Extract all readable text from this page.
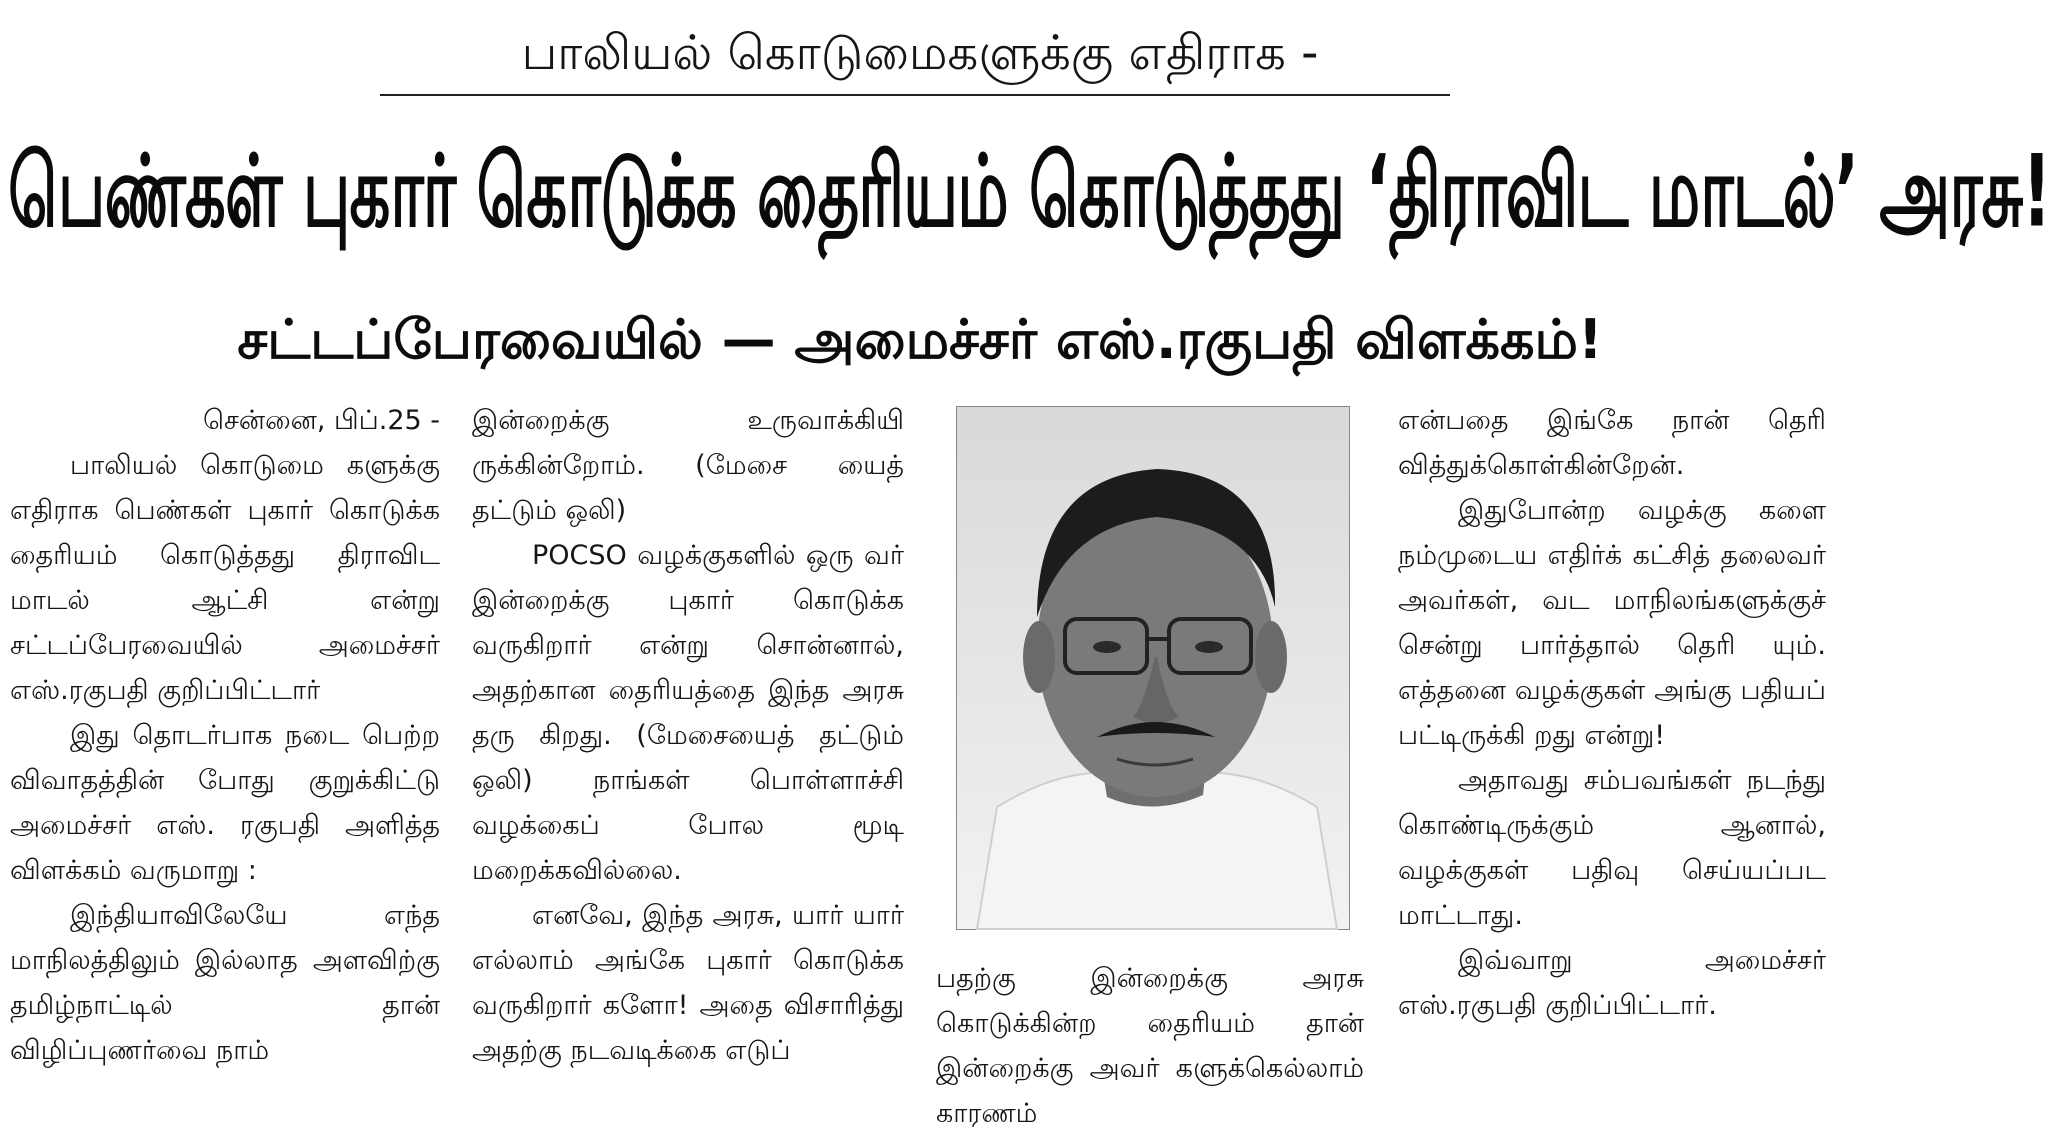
பாலியல் கொடுமைகளுக்கு எதிராக -
பெண்கள் புகார் கொடுக்க தைரியம் கொடுத்தது ‘திராவிட மாடல்’ அரசு!
சட்டப்பேரவையில் — அமைச்சர் எஸ்.ரகுபதி விளக்கம்!

சென்னை, பிப்.25 -

பாலியல் கொடுமை களுக்கு எதிராக பெண்கள் புகார் கொடுக்க தைரியம் கொடுத்தது திராவிட மாடல் ஆட்சி என்று சட்டப்பேரவையில் அமைச்சர் எஸ்.ரகுபதி குறிப்பிட்டார்

இது தொடர்பாக நடை பெற்ற விவாதத்தின் போது குறுக்கிட்டு அமைச்சர் எஸ். ரகுபதி அளித்த விளக்கம் வருமாறு :

இந்தியாவிலேயே எந்த மாநிலத்திலும் இல்லாத அளவிற்கு தமிழ்நாட்டில் தான் விழிப்புணர்வை நாம்

இன்றைக்கு உருவாக்கியி ருக்கின்றோம். (மேசை யைத் தட்டும் ஒலி)

POCSO வழக்குகளில் ஒரு வர் இன்றைக்கு புகார் கொடுக்க வருகிறார் என்று சொன்னால், அதற்கான தைரியத்தை இந்த அரசு தரு கிறது. (மேசையைத் தட்டும் ஒலி) நாங்கள் பொள்ளாச்சி வழக்கைப் போல மூடி மறைக்கவில்லை.

எனவே, இந்த அரசு, யார் யார் எல்லாம் அங்கே புகார் கொடுக்க வருகிறார் களோ! அதை விசாரித்து அதற்கு நடவடிக்கை எடுப்

பதற்கு இன்றைக்கு அரசு கொடுக்கின்ற தைரியம் தான் இன்றைக்கு அவர் களுக்கெல்லாம் காரணம்

என்பதை இங்கே நான் தெரி வித்துக்கொள்கின்றேன்.

இதுபோன்ற வழக்கு களை நம்முடைய எதிர்க் கட்சித் தலைவர் அவர்கள், வட மாநிலங்களுக்குச் சென்று பார்த்தால் தெரி யும். எத்தனை வழக்குகள் அங்கு பதியப் பட்டிருக்கி றது என்று!

அதாவது சம்பவங்கள் நடந்து கொண்டிருக்கும் ஆனால், வழக்குகள் பதிவு செய்யப்பட மாட்டாது.

இவ்வாறு அமைச்சர் எஸ்.ரகுபதி குறிப்பிட்டார்.
